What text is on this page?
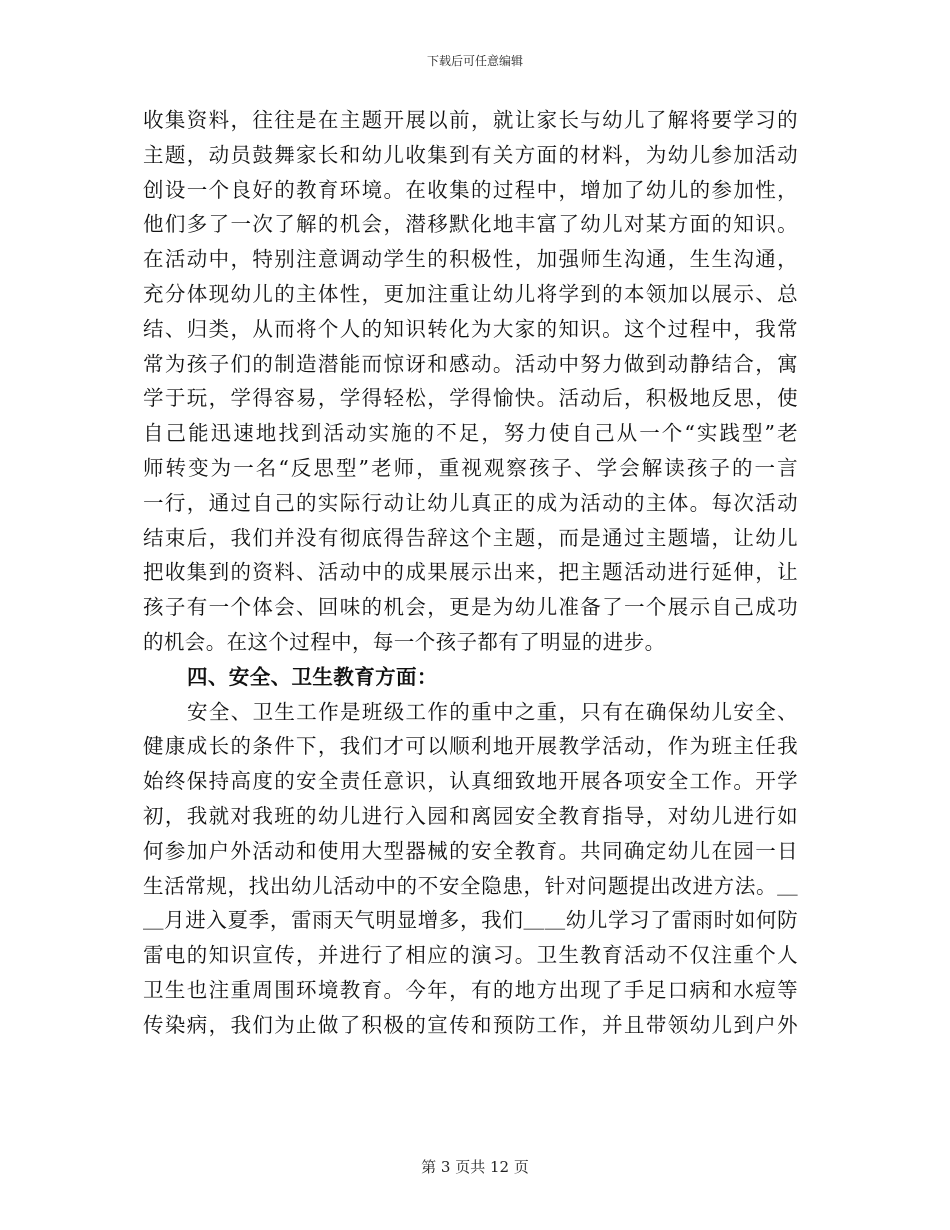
下载后可任意编辑
收集资料，往往是在主题开展以前，就让家长与幼儿了解将要学习的
主题，动员鼓舞家长和幼儿收集到有关方面的材料，为幼儿参加活动
创设一个良好的教育环境。在收集的过程中，增加了幼儿的参加性，
他们多了一次了解的机会，潜移默化地丰富了幼儿对某方面的知识。
在活动中，特别注意调动学生的积极性，加强师生沟通，生生沟通，
充分体现幼儿的主体性，更加注重让幼儿将学到的本领加以展示、总
结、归类，从而将个人的知识转化为大家的知识。这个过程中，我常
常为孩子们的制造潜能而惊讶和感动。活动中努力做到动静结合，寓
学于玩，学得容易，学得轻松，学得愉快。活动后，积极地反思，使
自己能迅速地找到活动实施的不足，努力使自己从一个“实践型”老
师转变为一名“反思型”老师，重视观察孩子、学会解读孩子的一言
一行，通过自己的实际行动让幼儿真正的成为活动的主体。每次活动
结束后，我们并没有彻底得告辞这个主题，而是通过主题墙，让幼儿
把收集到的资料、活动中的成果展示出来，把主题活动进行延伸，让
孩子有一个体会、回味的机会，更是为幼儿准备了一个展示自己成功
的机会。在这个过程中，每一个孩子都有了明显的进步。
四、安全、卫生教育方面：
安全、卫生工作是班级工作的重中之重，只有在确保幼儿安全、
健康成长的条件下，我们才可以顺利地开展教学活动，作为班主任我
始终保持高度的安全责任意识，认真细致地开展各项安全工作。开学
初，我就对我班的幼儿进行入园和离园安全教育指导，对幼儿进行如
何参加户外活动和使用大型器械的安全教育。共同确定幼儿在园一日
生活常规，找出幼儿活动中的不安全隐患，针对问题提出改进方法。＿
＿月进入夏季，雷雨天气明显增多，我们＿＿幼儿学习了雷雨时如何防
雷电的知识宣传，并进行了相应的演习。卫生教育活动不仅注重个人
卫生也注重周围环境教育。今年，有的地方出现了手足口病和水痘等
传染病，我们为止做了积极的宣传和预防工作，并且带领幼儿到户外
第 3 页共 12 页
